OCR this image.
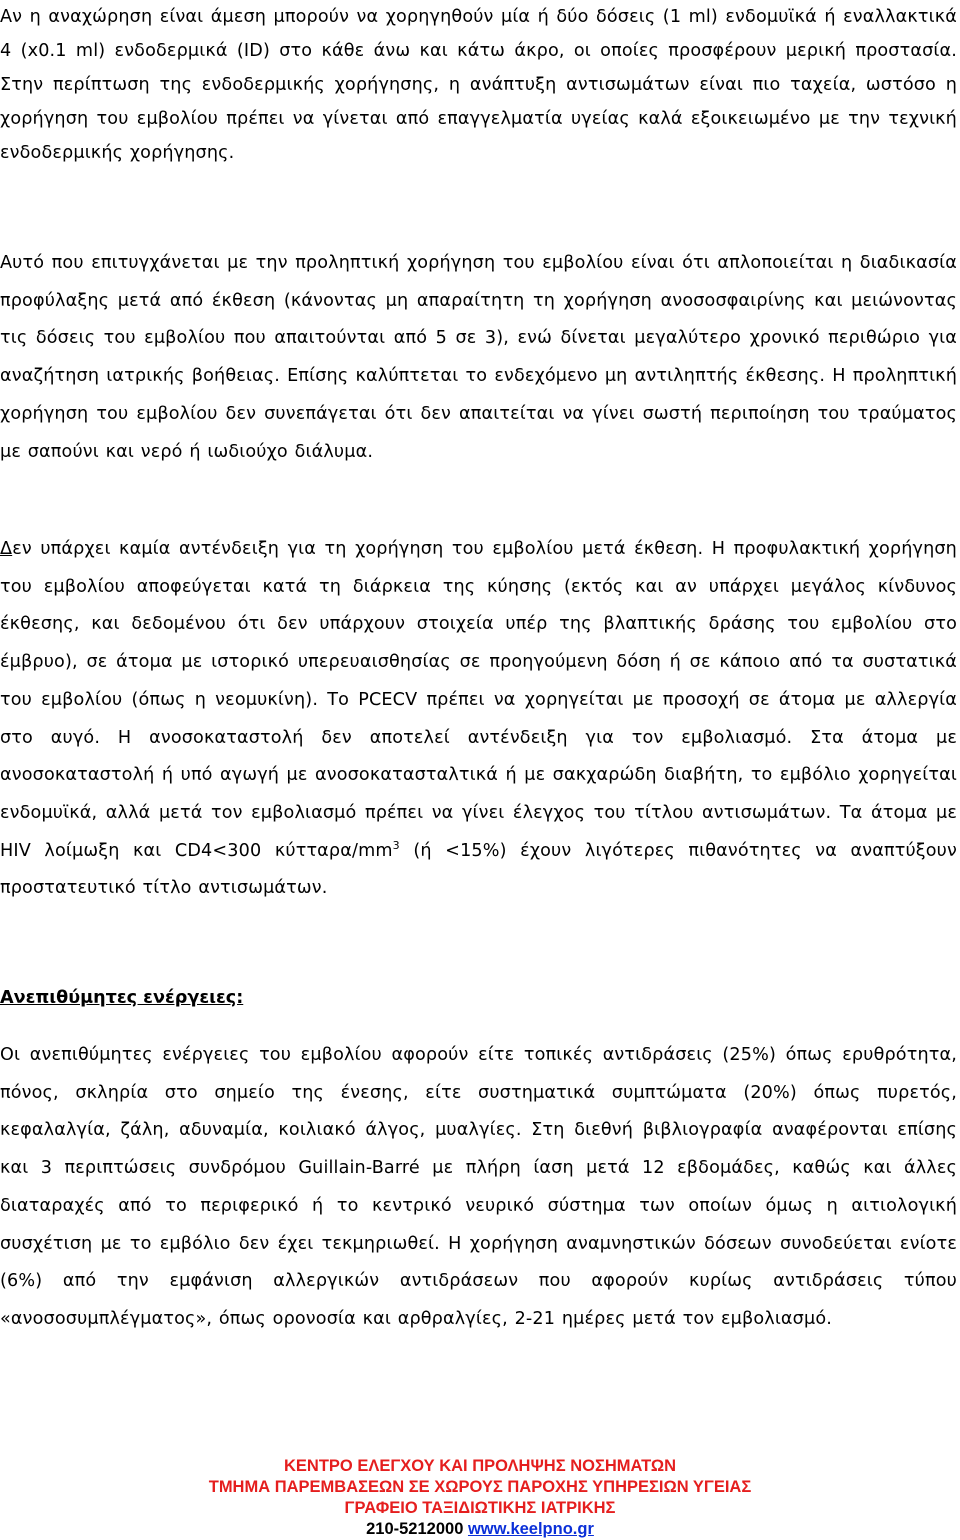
Αν η αναχώρηση είναι άμεση μπορούν να χορηγηθούν μία ή δύο δόσεις (1 ml) ενδομυϊκά ή εναλλακτικά 4 (x0.1 ml) ενδοδερμικά (ID) στο κάθε άνω και κάτω άκρο, οι οποίες προσφέρουν μερική προστασία. Στην περίπτωση της ενδοδερμικής χορήγησης, η ανάπτυξη αντισωμάτων είναι πιο ταχεία, ωστόσο η χορήγηση του εμβολίου πρέπει να γίνεται από επαγγελματία υγείας καλά εξοικειωμένο με την τεχνική ενδοδερμικής χορήγησης.

Αυτό που επιτυγχάνεται με την προληπτική χορήγηση του εμβολίου είναι ότι απλοποιείται η διαδικασία προφύλαξης μετά από έκθεση (κάνοντας μη απαραίτητη τη χορήγηση ανοσοσφαιρίνης και μειώνοντας τις δόσεις του εμβολίου που απαιτούνται από 5 σε 3), ενώ δίνεται μεγαλύτερο χρονικό περιθώριο για αναζήτηση ιατρικής βοήθειας. Επίσης καλύπτεται το ενδεχόμενο μη αντιληπτής έκθεσης. Η προληπτική χορήγηση του εμβολίου δεν συνεπάγεται ότι δεν απαιτείται να γίνει σωστή περιποίηση του τραύματος με σαπούνι και νερό ή ιωδιούχο διάλυμα.

Δεν υπάρχει καμία αντένδειξη για τη χορήγηση του εμβολίου μετά έκθεση. Η προφυλακτική χορήγηση του εμβολίου αποφεύγεται κατά τη διάρκεια της κύησης (εκτός και αν υπάρχει μεγάλος κίνδυνος έκθεσης, και δεδομένου ότι δεν υπάρχουν στοιχεία υπέρ της βλαπτικής δράσης του εμβολίου στο έμβρυο), σε άτομα με ιστορικό υπερευαισθησίας σε προηγούμενη δόση ή σε κάποιο από τα συστατικά του εμβολίου (όπως η νεομυκίνη). Το PCECV πρέπει να χορηγείται με προσοχή σε άτομα με αλλεργία στο αυγό. Η ανοσοκαταστολή δεν αποτελεί αντένδειξη για τον εμβολιασμό. Στα άτομα με ανοσοκαταστολή ή υπό αγωγή με ανοσοκατασταλτικά ή με σακχαρώδη διαβήτη, το εμβόλιο χορηγείται ενδομυϊκά, αλλά μετά τον εμβολιασμό πρέπει να γίνει έλεγχος του τίτλου αντισωμάτων. Τα άτομα με HIV λοίμωξη και CD4<300 κύτταρα/$mm^3$ (ή <15%) έχουν λιγότερες πιθανότητες να αναπτύξουν προστατευτικό τίτλο αντισωμάτων.

Ανεπιθύμητες ενέργειες:

Οι ανεπιθύμητες ενέργειες του εμβολίου αφορούν είτε τοπικές αντιδράσεις (25%) όπως ερυθρότητα, πόνος, σκληρία στο σημείο της ένεσης, είτε συστηματικά συμπτώματα (20%) όπως πυρετός, κεφαλαλγία, ζάλη, αδυναμία, κοιλιακό άλγος, μυαλγίες. Στη διεθνή βιβλιογραφία αναφέρονται επίσης και 3 περιπτώσεις συνδρόμου Guillain-Barré με πλήρη ίαση μετά 12 εβδομάδες, καθώς και άλλες διαταραχές από το περιφερικό ή το κεντρικό νευρικό σύστημα των οποίων όμως η αιτιολογική συσχέτιση με το εμβόλιο δεν έχει τεκμηριωθεί. Η χορήγηση αναμνηστικών δόσεων συνοδεύεται ενίοτε (6%) από την εμφάνιση αλλεργικών αντιδράσεων που αφορούν κυρίως αντιδράσεις τύπου «ανοσοσυμπλέγματος», όπως ορονοσία και αρθραλγίες, 2-21 ημέρες μετά τον εμβολιασμό.

ΚΕΝΤΡΟ ΕΛΕΓΧΟΥ ΚΑΙ ΠΡΟΛΗΨΗΣ ΝΟΣΗΜΑΤΩΝ
ΤΜΗΜΑ ΠΑΡΕΜΒΑΣΕΩΝ ΣΕ ΧΩΡΟΥΣ ΠΑΡΟΧΗΣ ΥΠΗΡΕΣΙΩΝ ΥΓΕΙΑΣ
ΓΡΑΦΕΙΟ ΤΑΞΙΔΙΩΤΙΚΗΣ ΙΑΤΡΙΚΗΣ
210-5212000 www.keelpno.gr
